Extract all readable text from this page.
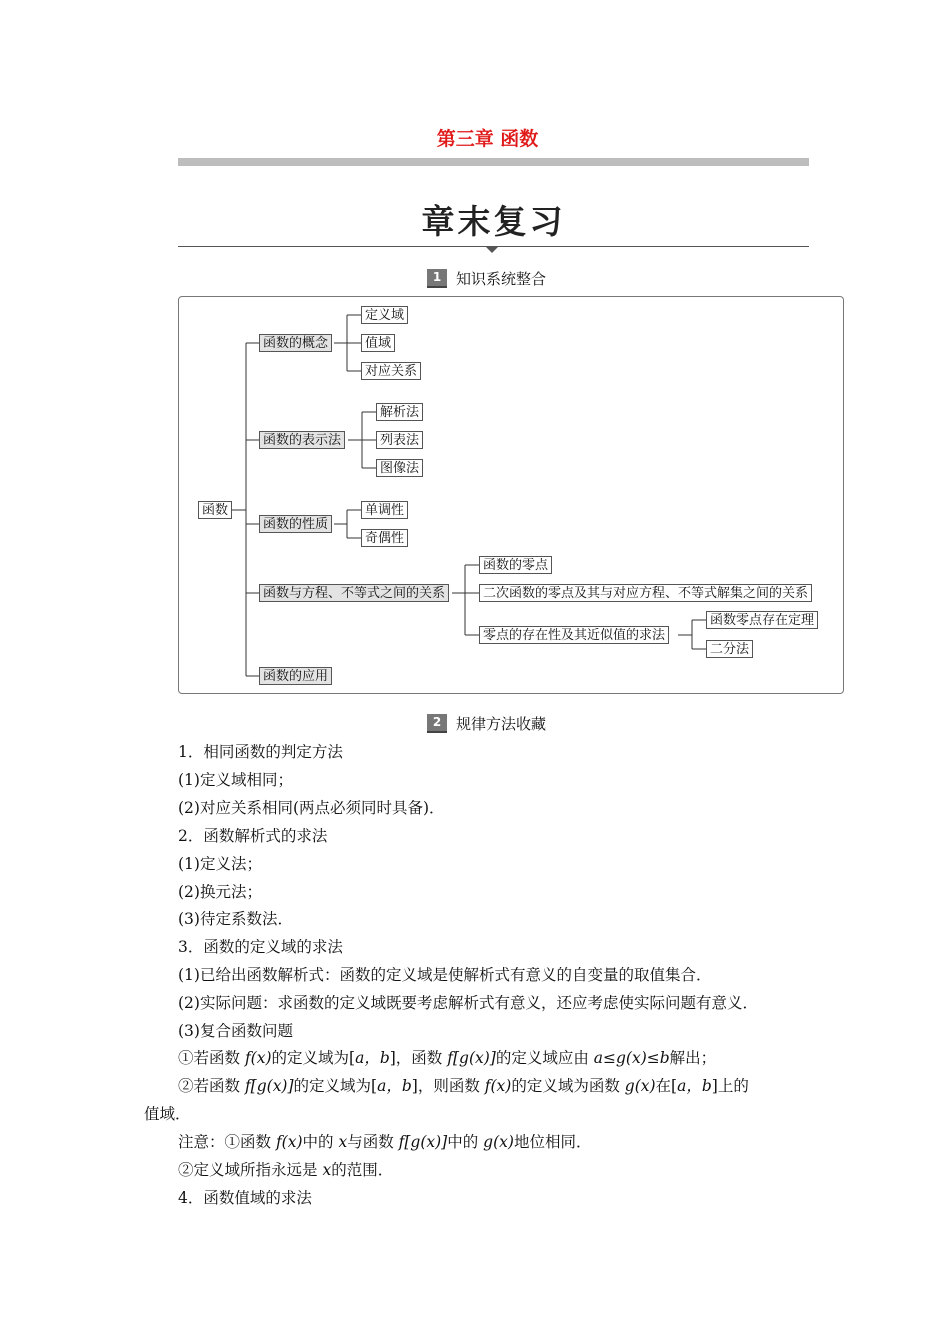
第三章 函数
章末复习
1 知识系统整合
函数
函数的概念
定义域
值域
对应关系
函数的表示法
解析法
列表法
图像法
函数的性质
单调性
奇偶性
函数与方程、不等式之间的关系
函数的零点
二次函数的零点及其与对应方程、不等式解集之间的关系
零点的存在性及其近似值的求法
函数零点存在定理
二分法
函数的应用
2 规律方法收藏
1．相同函数的判定方法
(1)定义域相同；
(2)对应关系相同(两点必须同时具备)．
2．函数解析式的求法
(1)定义法；
(2)换元法；
(3)待定系数法．
3．函数的定义域的求法
(1)已给出函数解析式：函数的定义域是使解析式有意义的自变量的取值集合．
(2)实际问题：求函数的定义域既要考虑解析式有意义，还应考虑使实际问题有意义．
(3)复合函数问题
①若函数 f(x)的定义域为[a，b]，函数 f[g(x)]的定义域应由 a≤g(x)≤b解出；
②若函数 f[g(x)]的定义域为[a，b]，则函数 f(x)的定义域为函数 g(x)在[a，b]上的
值域．
注意：①函数 f(x)中的 x与函数 f[g(x)]中的 g(x)地位相同．
②定义域所指永远是 x的范围．
4．函数值域的求法
